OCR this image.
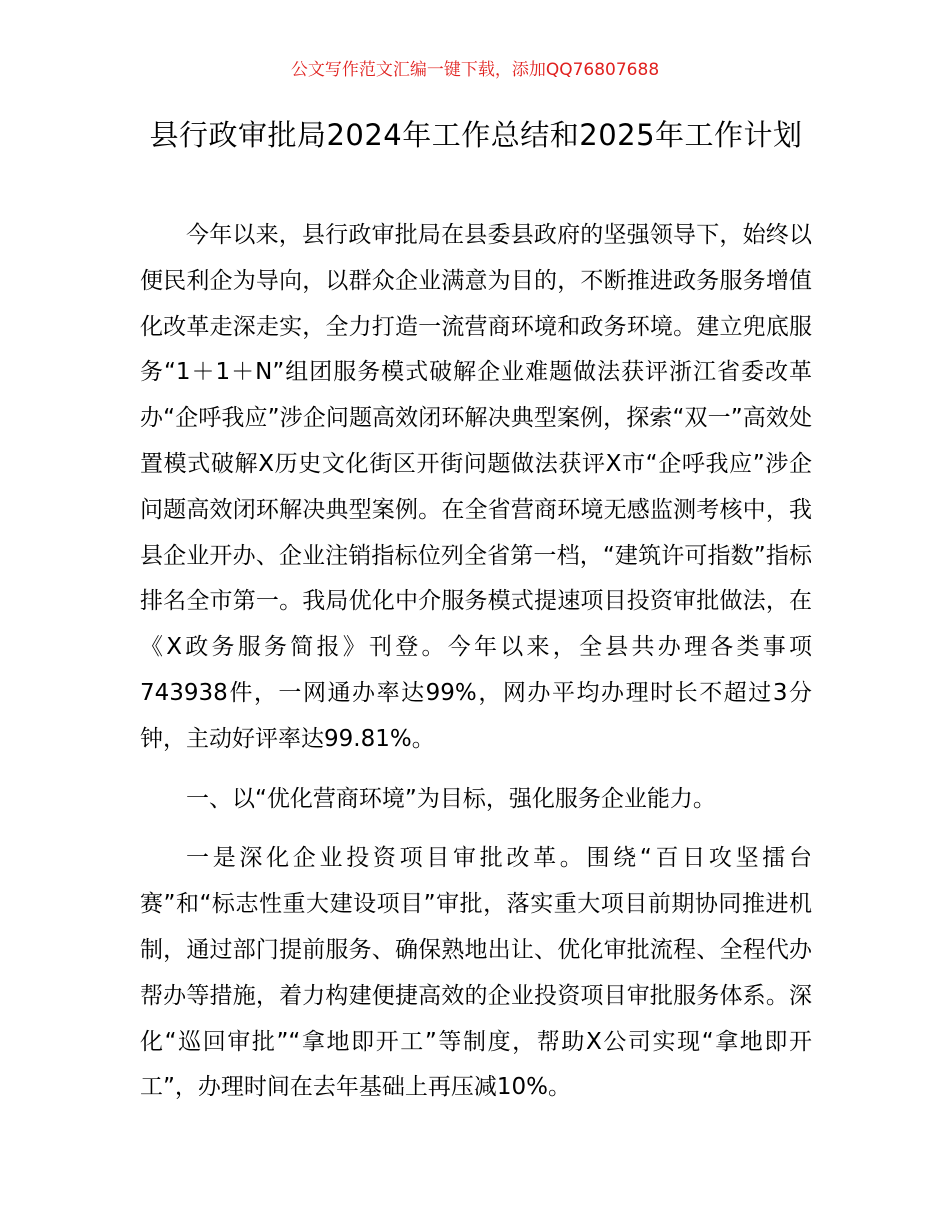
公文写作范文汇编一键下载，添加QQ76807688
县行政审批局2024年工作总结和2025年工作计划

今年以来，县行政审批局在县委县政府的坚强领导下，始终以便民利企为导向，以群众企业满意为目的，不断推进政务服务增值化改革走深走实，全力打造一流营商环境和政务环境。建立兜底服务“1＋1＋N”组团服务模式破解企业难题做法获评浙江省委改革办“企呼我应”涉企问题高效闭环解决典型案例，探索“双一”高效处置模式破解X历史文化街区开街问题做法获评X市“企呼我应”涉企问题高效闭环解决典型案例。在全省营商环境无感监测考核中，我县企业开办、企业注销指标位列全省第一档，“建筑许可指数”指标排名全市第一。我局优化中介服务模式提速项目投资审批做法，在《X政务服务简报》刊登。今年以来，全县共办理各类事项743938件，一网通办率达99%，网办平均办理时长不超过3分钟，主动好评率达99.81%。

一、以“优化营商环境”为目标，强化服务企业能力。

一是深化企业投资项目审批改革。围绕“百日攻坚擂台赛”和“标志性重大建设项目”审批，落实重大项目前期协同推进机制，通过部门提前服务、确保熟地出让、优化审批流程、全程代办帮办等措施，着力构建便捷高效的企业投资项目审批服务体系。深化“巡回审批”“拿地即开工”等制度，帮助X公司实现“拿地即开工”，办理时间在去年基础上再压减10%。
